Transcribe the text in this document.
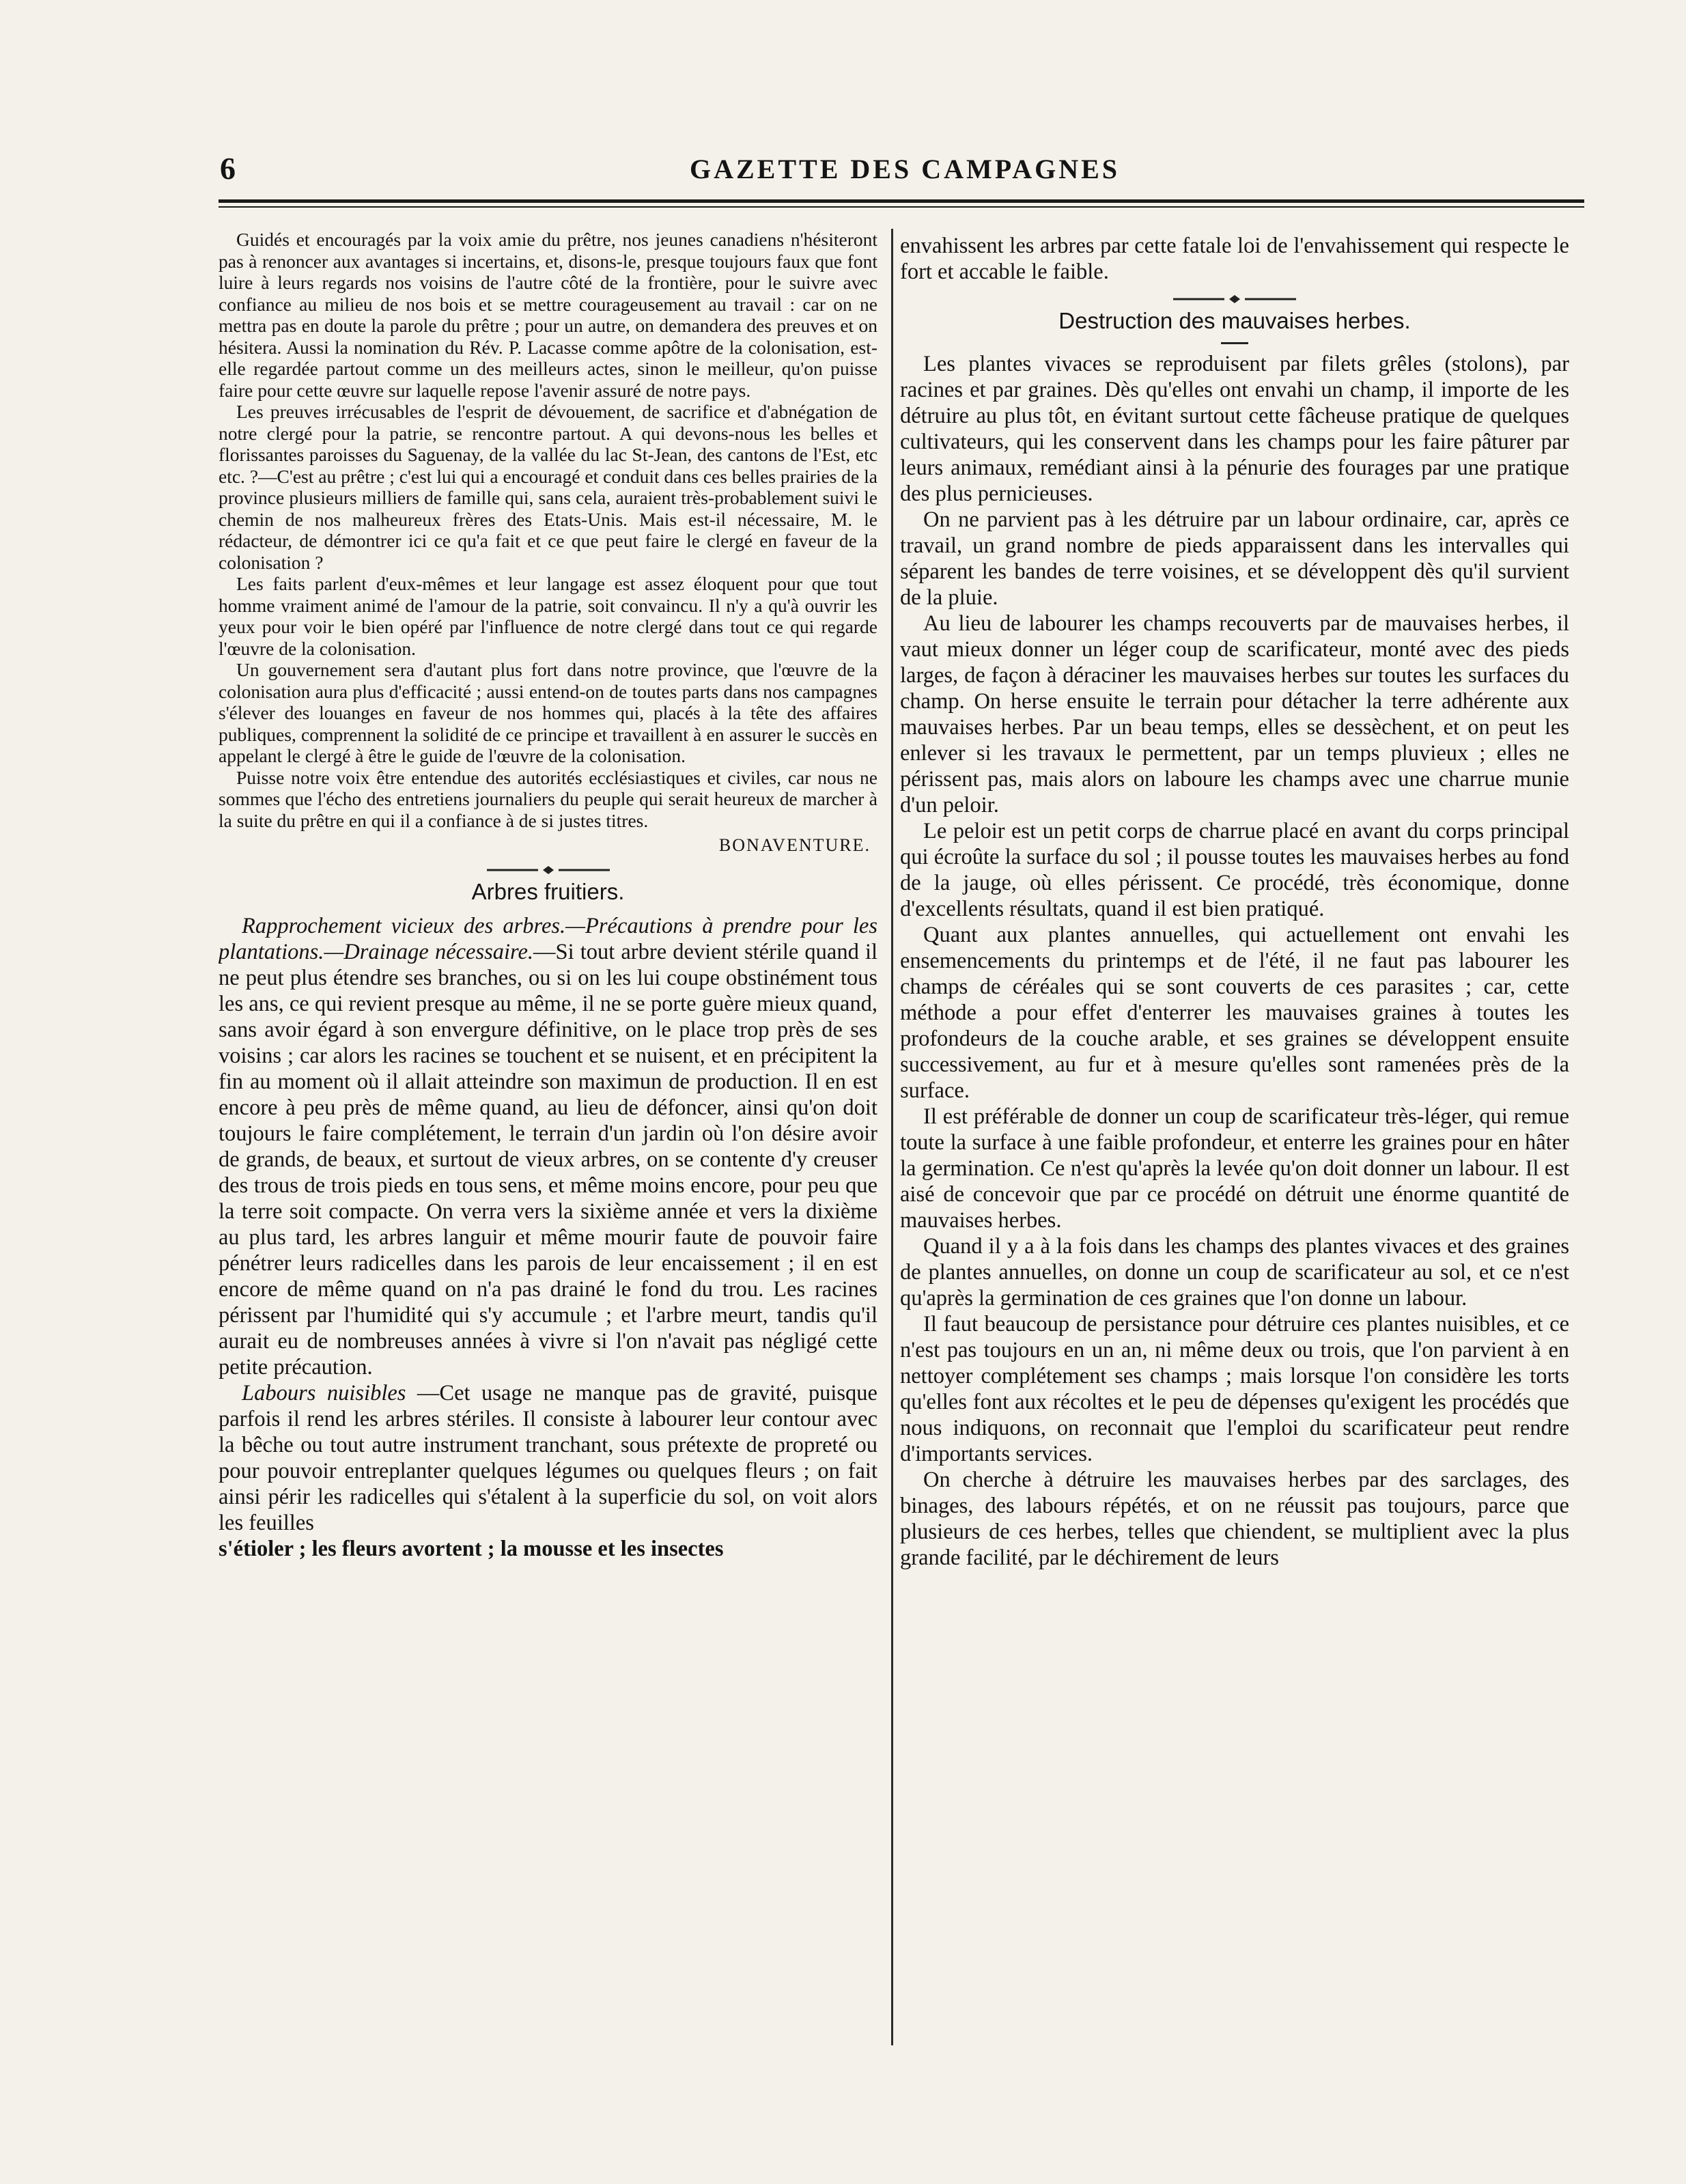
6	GAZETTE DES CAMPAGNES

Guidés et encouragés par la voix amie du prêtre, nos jeunes canadiens n'hésiteront pas à renoncer aux avantages si incertains, et, disons-le, presque toujours faux que font luire à leurs regards nos voisins de l'autre côté de la frontière, pour le suivre avec confiance au milieu de nos bois et se mettre courageusement au travail : car on ne mettra pas en doute la parole du prêtre ; pour un autre, on demandera des preuves et on hésitera. Aussi la nomination du Rév. P. Lacasse comme apôtre de la colonisation, est-elle regardée partout comme un des meilleurs actes, sinon le meilleur, qu'on puisse faire pour cette œuvre sur laquelle repose l'avenir assuré de notre pays.

Les preuves irrécusables de l'esprit de dévouement, de sacrifice et d'abnégation de notre clergé pour la patrie, se rencontre partout. A qui devons-nous les belles et florissantes paroisses du Saguenay, de la vallée du lac St-Jean, des cantons de l'Est, etc etc. ?—C'est au prêtre ; c'est lui qui a encouragé et conduit dans ces belles prairies de la province plusieurs milliers de famille qui, sans cela, auraient très-probablement suivi le chemin de nos malheureux frères des Etats-Unis. Mais est-il nécessaire, M. le rédacteur, de démontrer ici ce qu'a fait et ce que peut faire le clergé en faveur de la colonisation ?

Les faits parlent d'eux-mêmes et leur langage est assez éloquent pour que tout homme vraiment animé de l'amour de la patrie, soit convaincu. Il n'y a qu'à ouvrir les yeux pour voir le bien opéré par l'influence de notre clergé dans tout ce qui regarde l'œuvre de la colonisation.

Un gouvernement sera d'autant plus fort dans notre province, que l'œuvre de la colonisation aura plus d'efficacité ; aussi entend-on de toutes parts dans nos campagnes s'élever des louanges en faveur de nos hommes qui, placés à la tête des affaires publiques, comprennent la solidité de ce principe et travaillent à en assurer le succès en appelant le clergé à être le guide de l'œuvre de la colonisation.

Puisse notre voix être entendue des autorités ecclésiastiques et civiles, car nous ne sommes que l'écho des entretiens journaliers du peuple qui serait heureux de marcher à la suite du prêtre en qui il a confiance à de si justes titres.

BONAVENTURE.
Arbres fruitiers.

Rapprochement vicieux des arbres.—Précautions à prendre pour les plantations.—Drainage nécessaire.—Si tout arbre devient stérile quand il ne peut plus étendre ses branches, ou si on les lui coupe obstinément tous les ans, ce qui revient presque au même, il ne se porte guère mieux quand, sans avoir égard à son envergure définitive, on le place trop près de ses voisins ; car alors les racines se touchent et se nuisent, et en précipitent la fin au moment où il allait atteindre son maximun de production. Il en est encore à peu près de même quand, au lieu de défoncer, ainsi qu'on doit toujours le faire complétement, le terrain d'un jardin où l'on désire avoir de grands, de beaux, et surtout de vieux arbres, on se contente d'y creuser des trous de trois pieds en tous sens, et même moins encore, pour peu que la terre soit compacte. On verra vers la sixième année et vers la dixième au plus tard, les arbres languir et même mourir faute de pouvoir faire pénétrer leurs radicelles dans les parois de leur encaissement ; il en est encore de même quand on n'a pas drainé le fond du trou. Les racines périssent par l'humidité qui s'y accumule ; et l'arbre meurt, tandis qu'il aurait eu de nombreuses années à vivre si l'on n'avait pas négligé cette petite précaution.

Labours nuisibles —Cet usage ne manque pas de gravité, puisque parfois il rend les arbres stériles. Il consiste à labourer leur contour avec la bêche ou tout autre instrument tranchant, sous prétexte de propreté ou pour pouvoir entreplanter quelques légumes ou quelques fleurs ; on fait ainsi périr les radicelles qui s'étalent à la superficie du sol, on voit alors les feuilles

s'étioler ; les fleurs avortent ; la mousse et les insectes

envahissent les arbres par cette fatale loi de l'envahissement qui respecte le fort et accable le faible.

Destruction des mauvaises herbes.

Les plantes vivaces se reproduisent par filets grêles (stolons), par racines et par graines. Dès qu'elles ont envahi un champ, il importe de les détruire au plus tôt, en évitant surtout cette fâcheuse pratique de quelques cultivateurs, qui les conservent dans les champs pour les faire pâturer par leurs animaux, remédiant ainsi à la pénurie des fourages par une pratique des plus pernicieuses.

On ne parvient pas à les détruire par un labour ordinaire, car, après ce travail, un grand nombre de pieds apparaissent dans les intervalles qui séparent les bandes de terre voisines, et se développent dès qu'il survient de la pluie.

Au lieu de labourer les champs recouverts par de mauvaises herbes, il vaut mieux donner un léger coup de scarificateur, monté avec des pieds larges, de façon à déraciner les mauvaises herbes sur toutes les surfaces du champ. On herse ensuite le terrain pour détacher la terre adhérente aux mauvaises herbes. Par un beau temps, elles se dessèchent, et on peut les enlever si les travaux le permettent, par un temps pluvieux ; elles ne périssent pas, mais alors on laboure les champs avec une charrue munie d'un peloir.

Le peloir est un petit corps de charrue placé en avant du corps principal qui écroûte la surface du sol ; il pousse toutes les mauvaises herbes au fond de la jauge, où elles périssent. Ce procédé, très économique, donne d'excellents résultats, quand il est bien pratiqué.

Quant aux plantes annuelles, qui actuellement ont envahi les ensemencements du printemps et de l'été, il ne faut pas labourer les champs de céréales qui se sont couverts de ces parasites ; car, cette méthode a pour effet d'enterrer les mauvaises graines à toutes les profondeurs de la couche arable, et ses graines se développent ensuite successivement, au fur et à mesure qu'elles sont ramenées près de la surface.

Il est préférable de donner un coup de scarificateur très-léger, qui remue toute la surface à une faible profondeur, et enterre les graines pour en hâter la germination. Ce n'est qu'après la levée qu'on doit donner un labour. Il est aisé de concevoir que par ce procédé on détruit une énorme quantité de mauvaises herbes.

Quand il y a à la fois dans les champs des plantes vivaces et des graines de plantes annuelles, on donne un coup de scarificateur au sol, et ce n'est qu'après la germination de ces graines que l'on donne un labour.

Il faut beaucoup de persistance pour détruire ces plantes nuisibles, et ce n'est pas toujours en un an, ni même deux ou trois, que l'on parvient à en nettoyer complétement ses champs ; mais lorsque l'on considère les torts qu'elles font aux récoltes et le peu de dépenses qu'exigent les procédés que nous indiquons, on reconnait que l'emploi du scarificateur peut rendre d'importants services.

On cherche à détruire les mauvaises herbes par des sarclages, des binages, des labours répétés, et on ne réussit pas toujours, parce que plusieurs de ces herbes, telles que chiendent, se multiplient avec la plus grande facilité, par le déchirement de leurs
